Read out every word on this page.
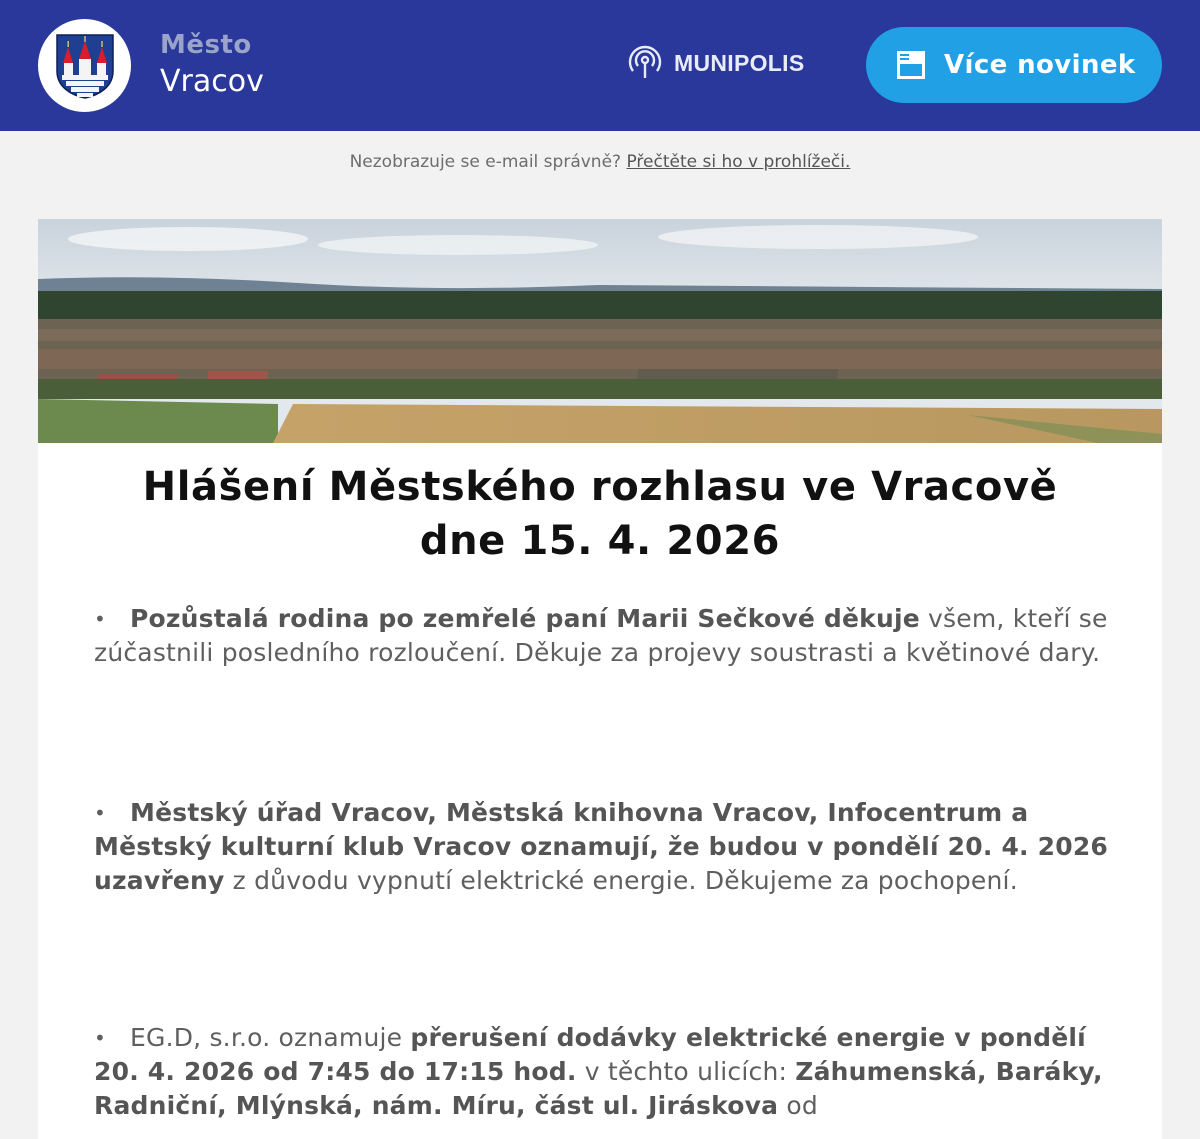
Město
Vracov
MUNIPOLIS	Více novinek
Nezobrazuje se e-mail správně? Přečtěte si ho v prohlížeči.
Hlášení Městského rozhlasu ve Vracově
dne 15. 4. 2026
• Pozůstalá rodina po zemřelé paní Marii Sečkové děkuje všem, kteří se zúčastnili posledního rozloučení. Děkuje za projevy soustrasti a květinové dary.
• Městský úřad Vracov, Městská knihovna Vracov, Infocentrum a Městský kulturní klub Vracov oznamují, že budou v pondělí 20. 4. 2026 uzavřeny z důvodu vypnutí elektrické energie. Děkujeme za pochopení.
• EG.D, s.r.o. oznamuje přerušení dodávky elektrické energie v pondělí 20. 4. 2026 od 7:45 do 17:15 hod. v těchto ulicích: Záhumenská, Baráky, Radniční, Mlýnská, nám. Míru, část ul. Jiráskova od
